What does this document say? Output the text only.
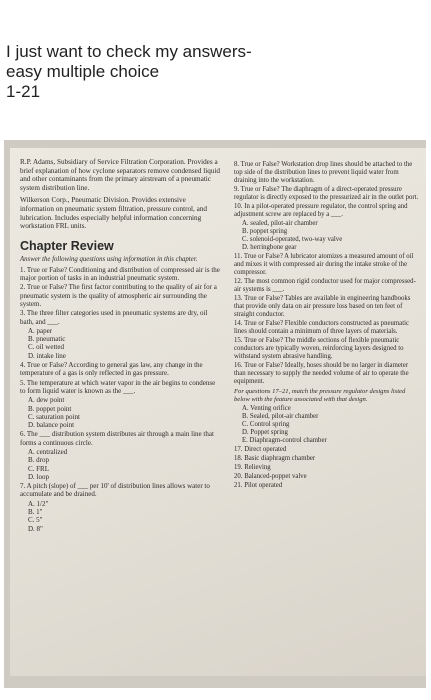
I just want to check my answers-
easy multiple choice
1-21

R.P. Adams, Subsidiary of Service Filtration Corporation. Provides a brief explanation of how cyclone separators remove condensed liquid and other contaminants from the primary airstream of a pneumatic system distribution line.

Wilkerson Corp., Pneumatic Division. Provides extensive information on pneumatic system filtration, pressure control, and lubrication. Includes especially helpful information concerning workstation FRL units.

Chapter Review
Answer the following questions using information in this chapter.
1. True or False? Conditioning and distribution of compressed air is the major portion of tasks in an industrial pneumatic system.
2. True or False? The first factor contributing to the quality of air for a pneumatic system is the quality of atmospheric air surrounding the system.
3. The three filter categories used in pneumatic systems are dry, oil bath, and ___.
A. paper
B. pneumatic
C. oil wetted
D. intake line
4. True or False? According to general gas law, any change in the temperature of a gas is only reflected in gas pressure.
5. The temperature at which water vapor in the air begins to condense to form liquid water is known as the ___.
A. dew point
B. poppet point
C. saturation point
D. balance point
6. The ___ distribution system distributes air through a main line that forms a continuous circle.
A. centralized
B. drop
C. FRL
D. loop
7. A pitch (slope) of ___ per 10' of distribution lines allows water to accumulate and be drained.
A. 1/2"
B. 1"
C. 5"
D. 8"
8. True or False? Workstation drop lines should be attached to the top side of the distribution lines to prevent liquid water from draining into the workstation.
9. True or False? The diaphragm of a direct-operated pressure regulator is directly exposed to the pressurized air in the outlet port.
10. In a pilot-operated pressure regulator, the control spring and adjustment screw are replaced by a ___.
A. sealed, pilot-air chamber
B. poppet spring
C. solenoid-operated, two-way valve
D. herringbone gear
11. True or False? A lubricator atomizes a measured amount of oil and mixes it with compressed air during the intake stroke of the compressor.
12. The most common rigid conductor used for major compressed-air systems is ___.
13. True or False? Tables are available in engineering handbooks that provide only data on air pressure loss based on ten feet of straight conductor.
14. True or False? Flexible conductors constructed as pneumatic lines should contain a minimum of three layers of materials.
15. True or False? The middle sections of flexible pneumatic conductors are typically woven, reinforcing layers designed to withstand system abrasive handling.
16. True or False? Ideally, hoses should be no larger in diameter than necessary to supply the needed volume of air to operate the equipment.
For questions 17–21, match the pressure regulator designs listed below with the feature associated with that design.
A. Venting orifice
B. Sealed, pilot-air chamber
C. Control spring
D. Poppet spring
E. Diaphragm-control chamber
17. Direct operated
18. Basic diaphragm chamber
19. Relieving
20. Balanced-poppet valve
21. Pilot operated
